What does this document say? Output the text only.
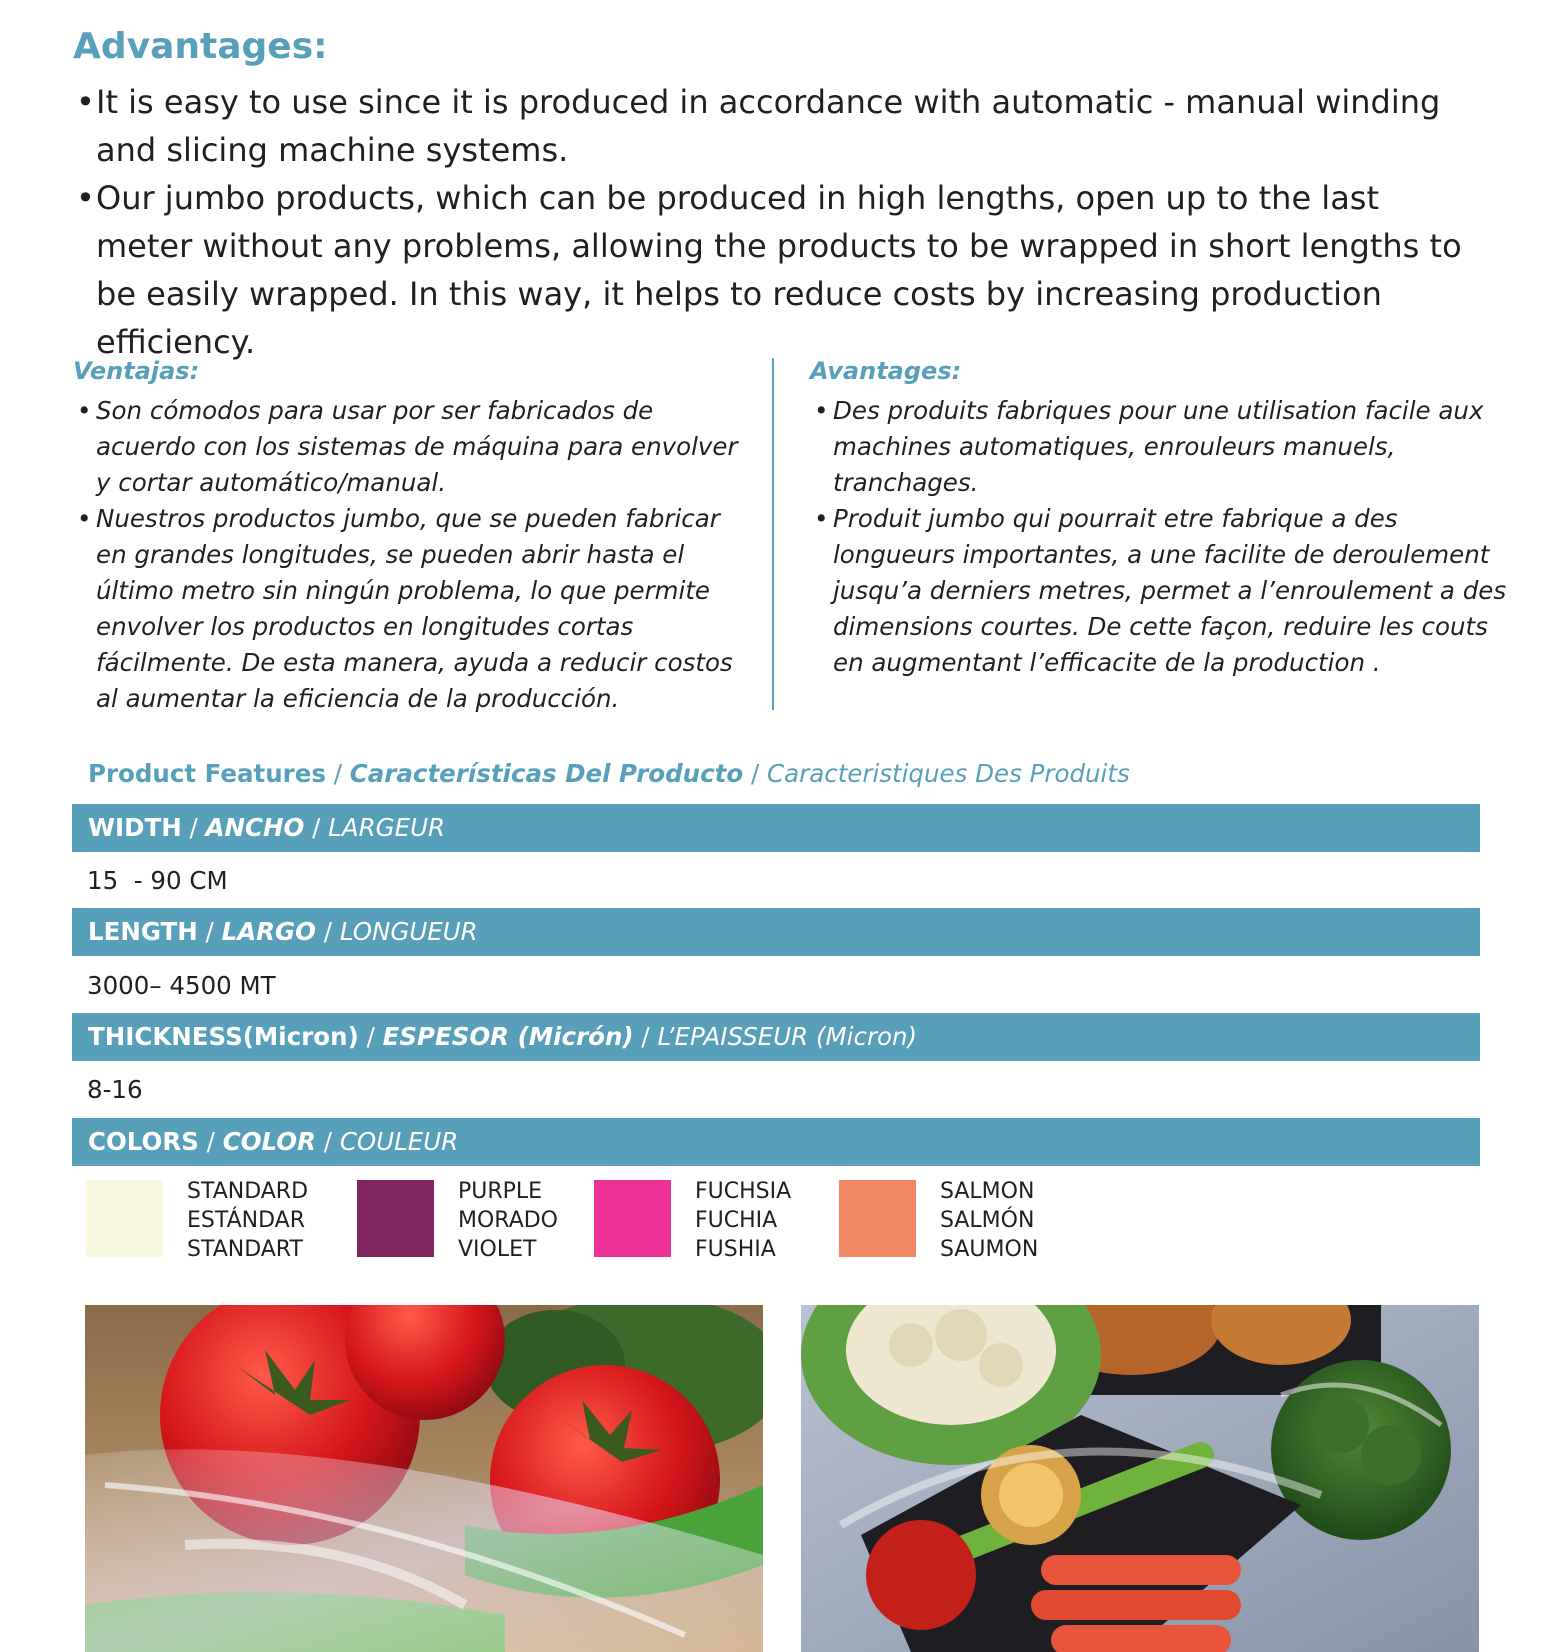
Advantages:
• It is easy to use since it is produced in accordance with automatic - manual winding and slicing machine systems.
• Our jumbo products, which can be produced in high lengths, open up to the last meter without any problems, allowing the products to be wrapped in short lengths to be easily wrapped. In this way, it helps to reduce costs by increasing production efficiency.
Ventajas:
• Son cómodos para usar por ser fabricados de acuerdo con los sistemas de máquina para envolver y cortar automático/manual.
• Nuestros productos jumbo, que se pueden fabricar en grandes longitudes, se pueden abrir hasta el último metro sin ningún problema, lo que permite envolver los productos en longitudes cortas fácilmente. De esta manera, ayuda a reducir costos al aumentar la eficiencia de la producción.
Avantages:
• Des produits fabriques pour une utilisation facile aux machines automatiques, enrouleurs manuels, tranchages.
• Produit jumbo qui pourrait etre fabrique a des longueurs importantes, a une facilite de deroulement jusqu’a derniers metres, permet a l’enroulement a des dimensions courtes. De cette façon, reduire les couts en augmentant l’efficacite de la production .
Product Features / Características Del Producto / Caracteristiques Des Produits
WIDTH / ANCHO / LARGEUR
15  - 90 CM
LENGTH / LARGO / LONGUEUR
3000– 4500 MT
THICKNESS(Micron) / ESPESOR (Micrón) / L’EPAISSEUR (Micron)
8-16
COLORS / COLOR / COULEUR
STANDARD
ESTÁNDAR
STANDART
PURPLE
MORADO
VIOLET
FUCHSIA
FUCHIA
FUSHIA
SALMON
SALMÓN
SAUMON
